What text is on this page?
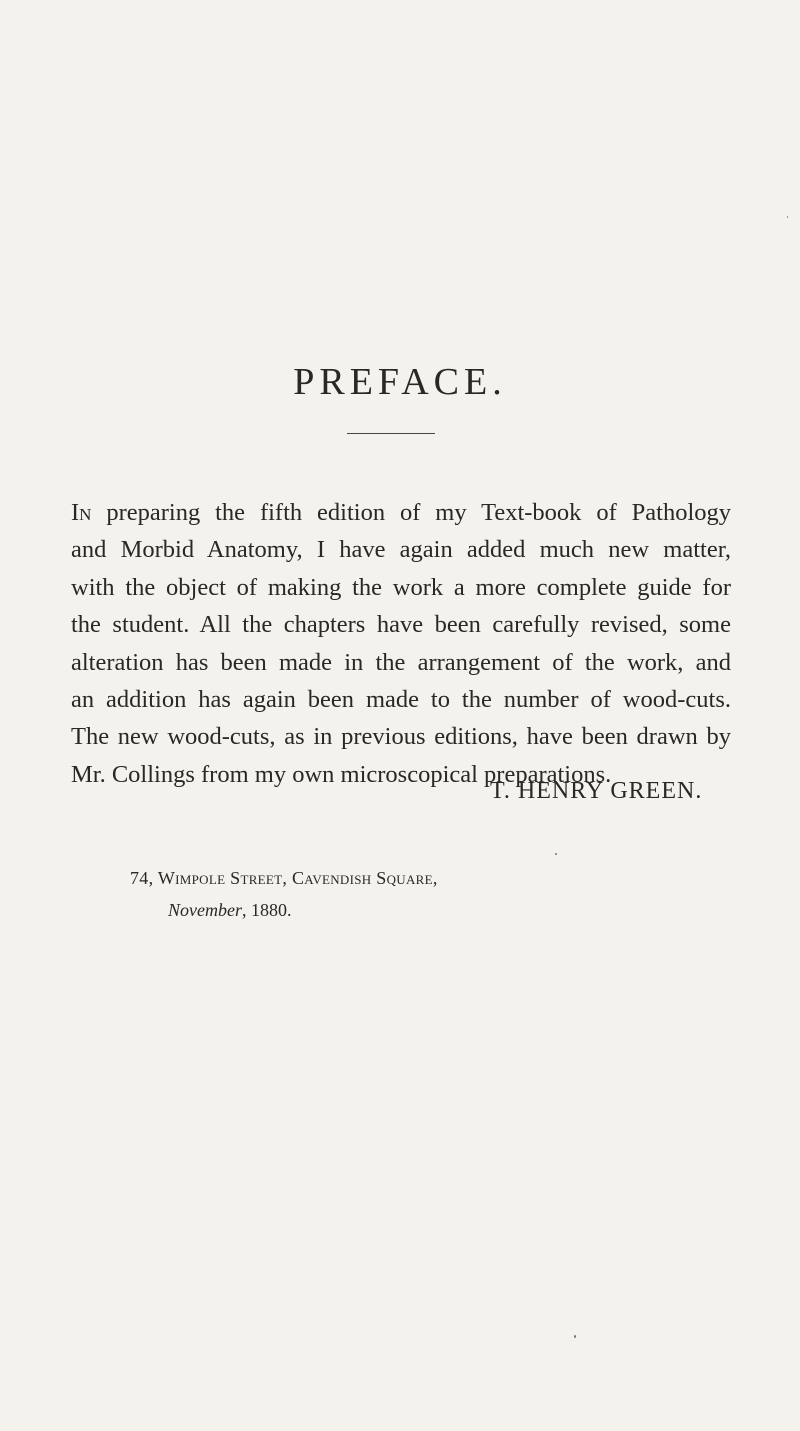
PREFACE.
In preparing the fifth edition of my Text-book of Pathology
and Morbid Anatomy, I have again added much new matter,
with the object of making the work a more complete guide for
the student. All the chapters have been carefully revised, some
alteration has been made in the arrangement of the work, and
an addition has again been made to the number of wood-cuts.
The new wood-cuts, as in previous editions, have been drawn by
Mr. Collings from my own microscopical preparations.
T. HENRY GREEN.
74, Wimpole Street, Cavendish Square,
November, 1880.
